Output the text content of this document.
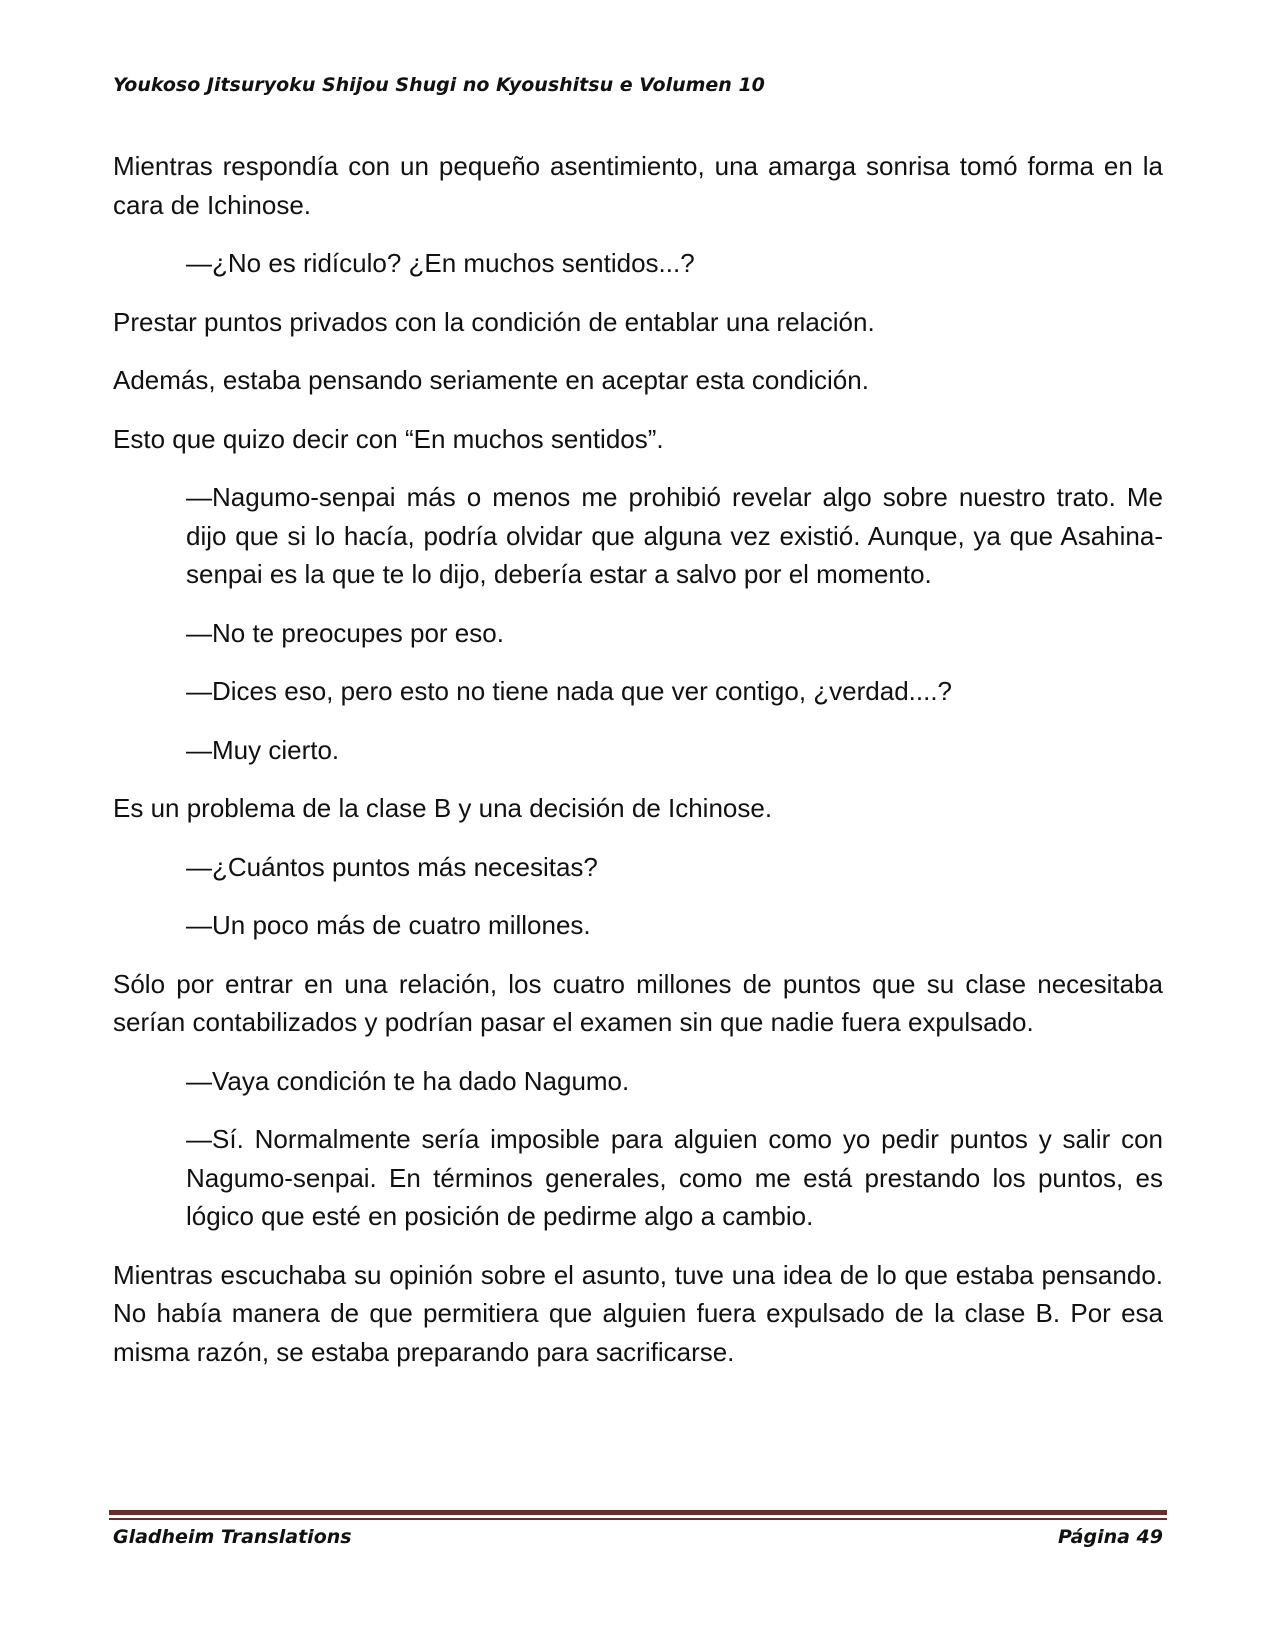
Youkoso Jitsuryoku Shijou Shugi no Kyoushitsu e Volumen 10

Mientras respondía con un pequeño asentimiento, una amarga sonrisa tomó forma en la cara de Ichinose.

—¿No es ridículo? ¿En muchos sentidos...?

Prestar puntos privados con la condición de entablar una relación.

Además, estaba pensando seriamente en aceptar esta condición.

Esto que quizo decir con “En muchos sentidos”.

—Nagumo-senpai más o menos me prohibió revelar algo sobre nuestro trato. Me dijo que si lo hacía, podría olvidar que alguna vez existió. Aunque, ya que Asahina-senpai es la que te lo dijo, debería estar a salvo por el momento.

—No te preocupes por eso.

—Dices eso, pero esto no tiene nada que ver contigo, ¿verdad....?

—Muy cierto.

Es un problema de la clase B y una decisión de Ichinose.

—¿Cuántos puntos más necesitas?

—Un poco más de cuatro millones.

Sólo por entrar en una relación, los cuatro millones de puntos que su clase necesitaba serían contabilizados y podrían pasar el examen sin que nadie fuera expulsado.

—Vaya condición te ha dado Nagumo.

—Sí. Normalmente sería imposible para alguien como yo pedir puntos y salir con Nagumo-senpai. En términos generales, como me está prestando los puntos, es lógico que esté en posición de pedirme algo a cambio.

Mientras escuchaba su opinión sobre el asunto, tuve una idea de lo que estaba pensando. No había manera de que permitiera que alguien fuera expulsado de la clase B. Por esa misma razón, se estaba preparando para sacrificarse.

Gladheim Translations	Página 49
